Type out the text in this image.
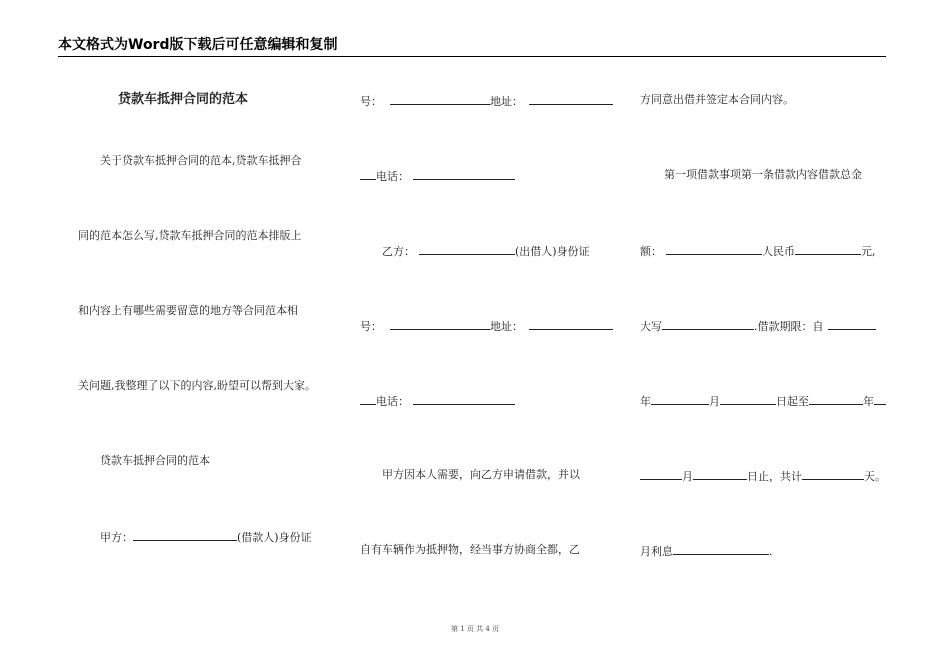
本文格式为Word版下载后可任意编辑和复制
贷款车抵押合同的范本
关于贷款车抵押合同的范本,贷款车抵押合
同的范本怎么写,贷款车抵押合同的范本排版上
和内容上有哪些需要留意的地方等合同范本相
关问题,我整理了以下的内容,盼望可以帮到大家。
贷款车抵押合同的范本
甲方：	(借款人)身份证
号：	地址：
电话：
乙方：	(出借人)身份证
号：	地址：
电话：
甲方因本人需要，向乙方申请借款，并以
自有车辆作为抵押物，经当事方协商全都，乙
方同意出借并签定本合同内容。
第一项借款事项第一条借款内容借款总金
额：	人民币	元,
大写	.借款期限：自
年	月	日起至	年
月	日止，共计	天。
月利息	.
第 1 页 共 4 页
